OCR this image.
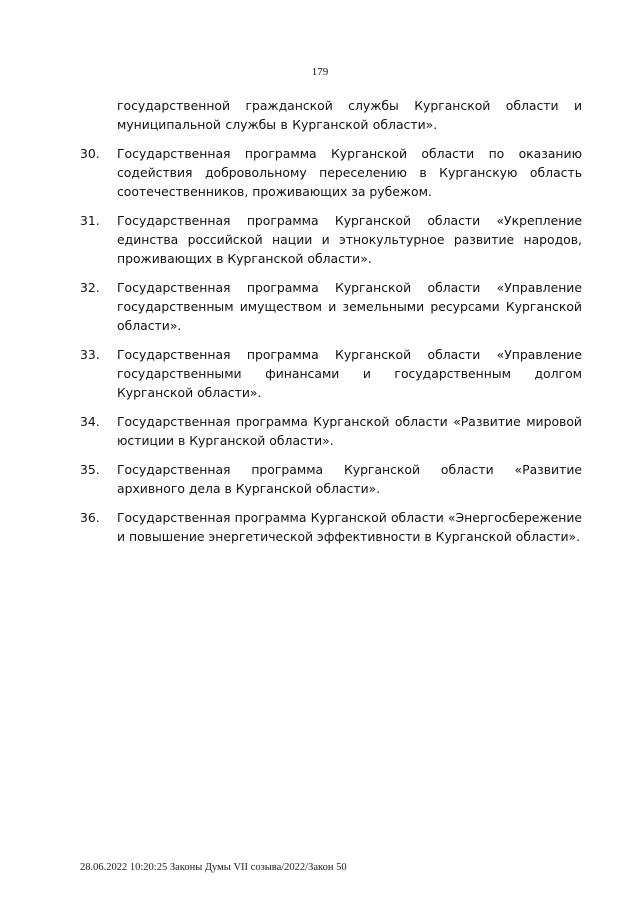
179
государственной гражданской службы Курганской области и муниципальной службы в Курганской области».
30.	Государственная программа Курганской области по оказанию содействия добровольному переселению в Курганскую область соотечественников, проживающих за рубежом.
31.	Государственная программа Курганской области «Укрепление единства российской нации и этнокультурное развитие народов, проживающих в Курганской области».
32.	Государственная программа Курганской области «Управление государственным имуществом и земельными ресурсами Курганской области».
33.	Государственная программа Курганской области «Управление государственными финансами и государственным долгом Курганской области».
34.	Государственная программа Курганской области «Развитие мировой юстиции в Курганской области».
35.	Государственная программа Курганской области «Развитие архивного дела в Курганской области».
36.	Государственная программа Курганской области «Энергосбережение и повышение энергетической эффективности в Курганской области».
28.06.2022 10:20:25 Законы Думы VII созыва/2022/Закон 50
